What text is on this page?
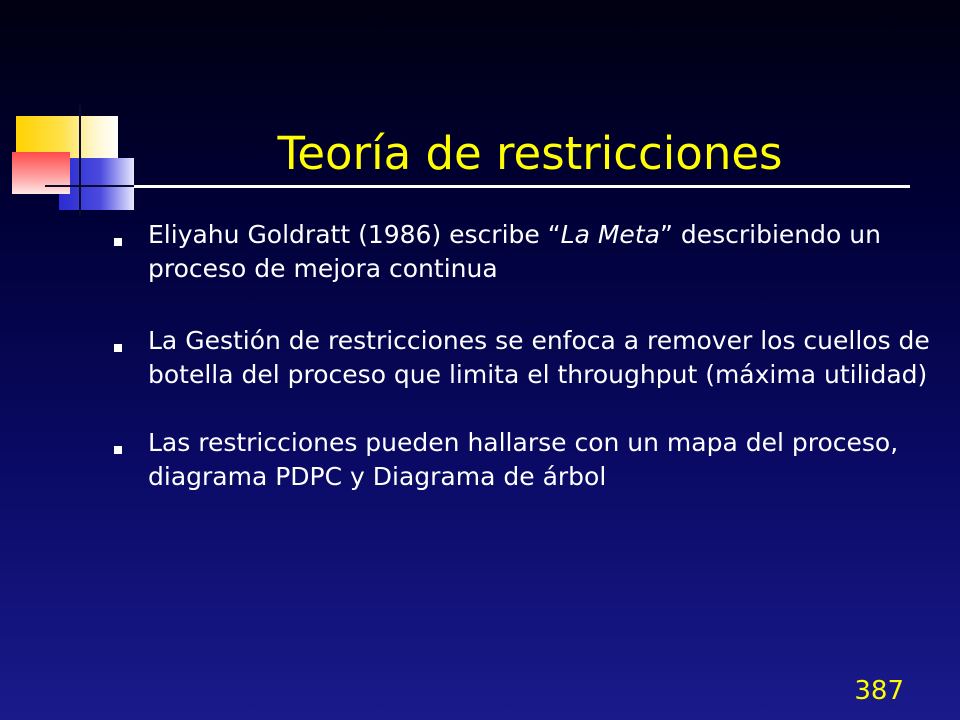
Teoría de restricciones
Eliyahu Goldratt (1986) escribe “La Meta” describiendo un proceso de mejora continua
La Gestión de restricciones se enfoca a remover los cuellos de botella del proceso que limita el throughput (máxima utilidad)
Las restricciones pueden hallarse con un mapa del proceso, diagrama PDPC y Diagrama de árbol
387
